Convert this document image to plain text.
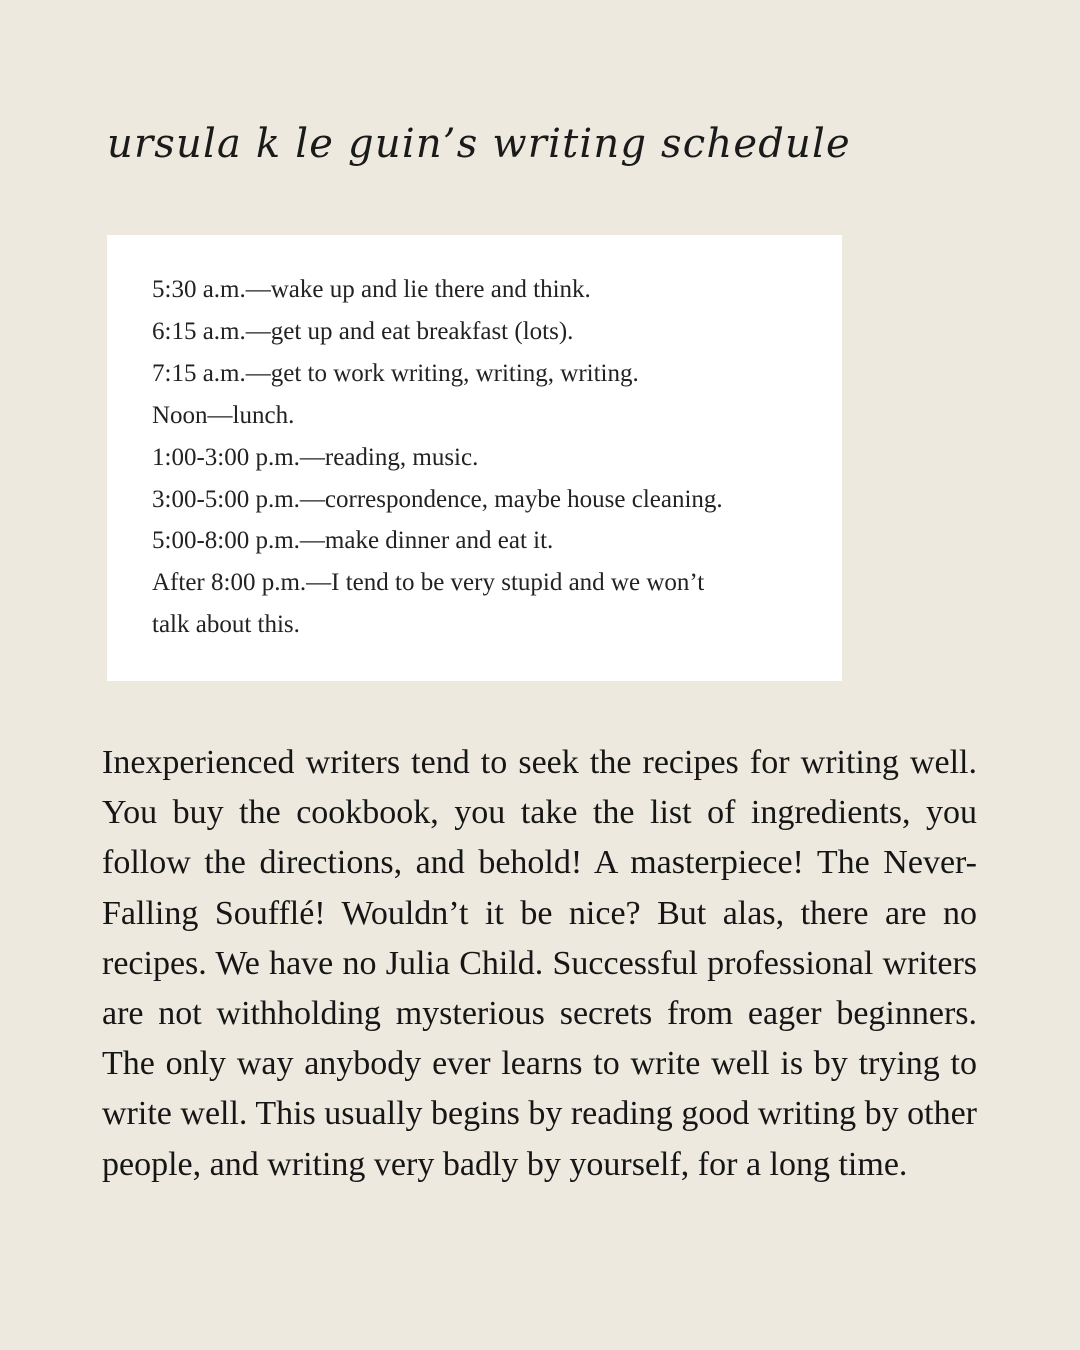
ursula k le guin’s writing schedule
5:30 a.m.—wake up and lie there and think.
6:15 a.m.—get up and eat breakfast (lots).
7:15 a.m.—get to work writing, writing, writing.
Noon—lunch.
1:00-3:00 p.m.—reading, music.
3:00-5:00 p.m.—correspondence, maybe house cleaning.
5:00-8:00 p.m.—make dinner and eat it.
After 8:00 p.m.—I tend to be very stupid and we won’t
talk about this.

Inexperienced writers tend to seek the recipes for writing well. You buy the cookbook, you take the list of ingredients, you follow the directions, and behold! A masterpiece! The Never-Falling Soufflé! Wouldn’t it be nice? But alas, there are no recipes. We have no Julia Child. Successful professional writers are not withholding mysterious secrets from eager beginners. The only way anybody ever learns to write well is by trying to write well. This usually begins by reading good writing by other people, and writing very badly by yourself, for a long time.
